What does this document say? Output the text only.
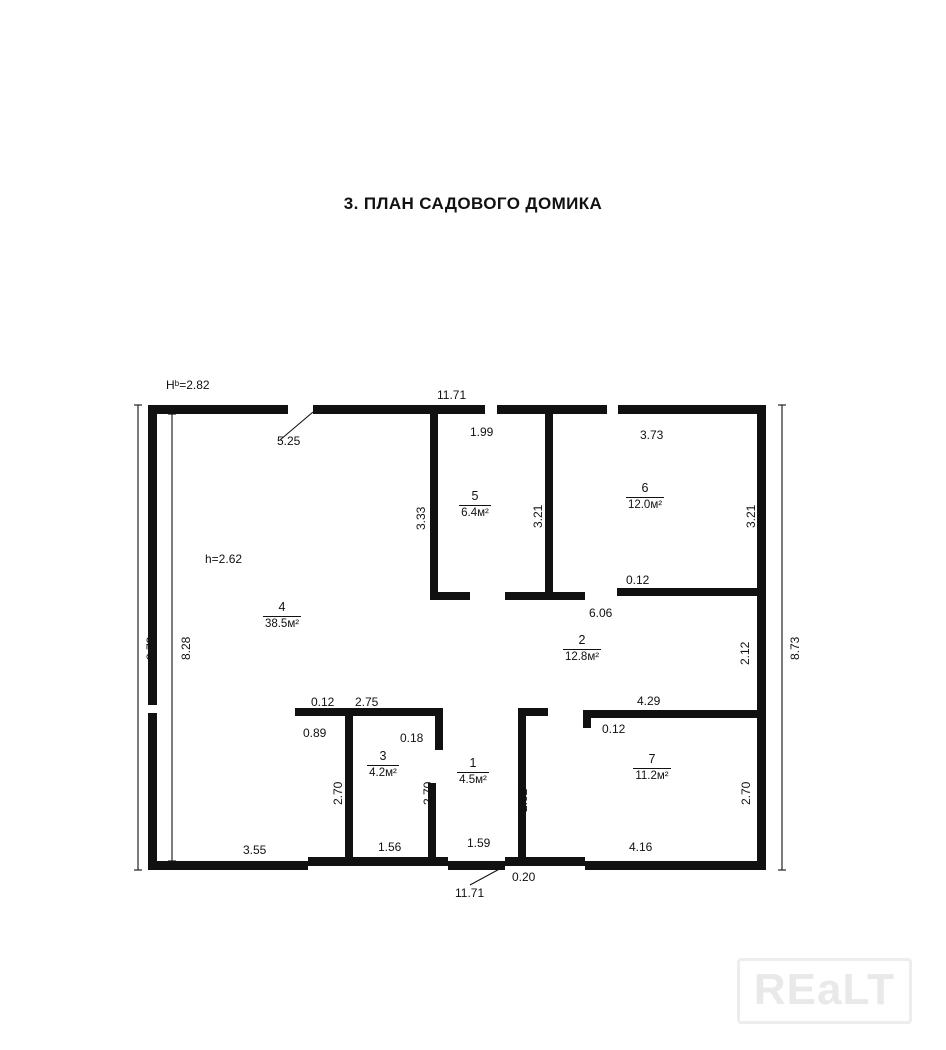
3. ПЛАН САДОВОГО ДОМИКА
Hᵇ=2.82
h=2.62
11.71
5.25
1.99	3.73
8.73 8.28	8.73
3.21
2.12
2.70
3.33	3.21
2.70	2.70	2.82
0.12
6.06
4.29
0.12
0.12 2.75
0.89	0.18
3.55	1.56	1.59
0.20
4.16
11.71
4
38.5м²
5
6.4м²
6
12.0м²
2
12.8м²
3
4.2м²
1
4.5м²
7
11.2м²
REaLT
